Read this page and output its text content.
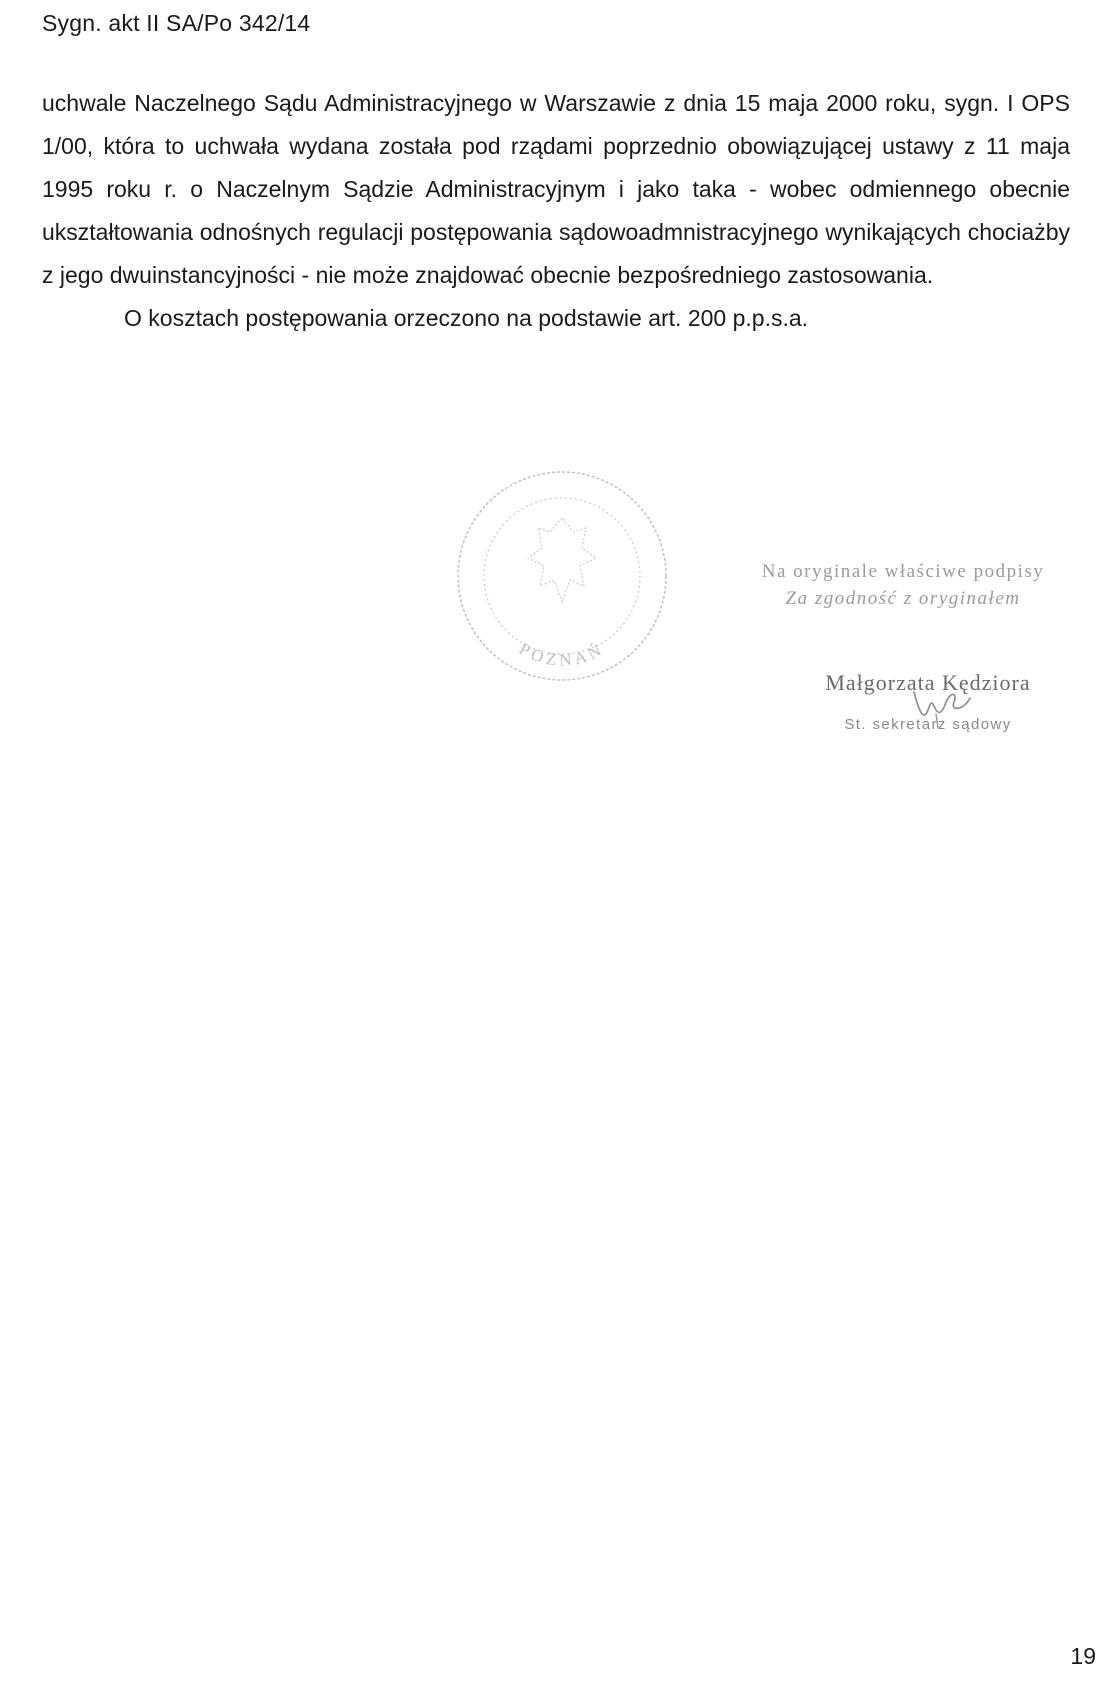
Sygn. akt II SA/Po 342/14

uchwale Naczelnego Sądu Administracyjnego w Warszawie z dnia 15 maja 2000 roku, sygn. I OPS 1/00, która to uchwała wydana została pod rządami poprzednio obowiązującej ustawy z 11 maja 1995 roku r. o Naczelnym Sądzie Administracyjnym i jako taka - wobec odmiennego obecnie ukształtowania odnośnych regulacji postępowania sądowoadmnistracyjnego wynikających chociażby z jego dwuinstancyjności - nie może znajdować obecnie bezpośredniego zastosowania.

O kosztach postępowania orzeczono na podstawie art. 200 p.p.s.a.

POZNAŃ
Na oryginale właściwe podpisy
Za zgodność z oryginałem
Małgorzata Kędziora
St. sekretarz sądowy
19
